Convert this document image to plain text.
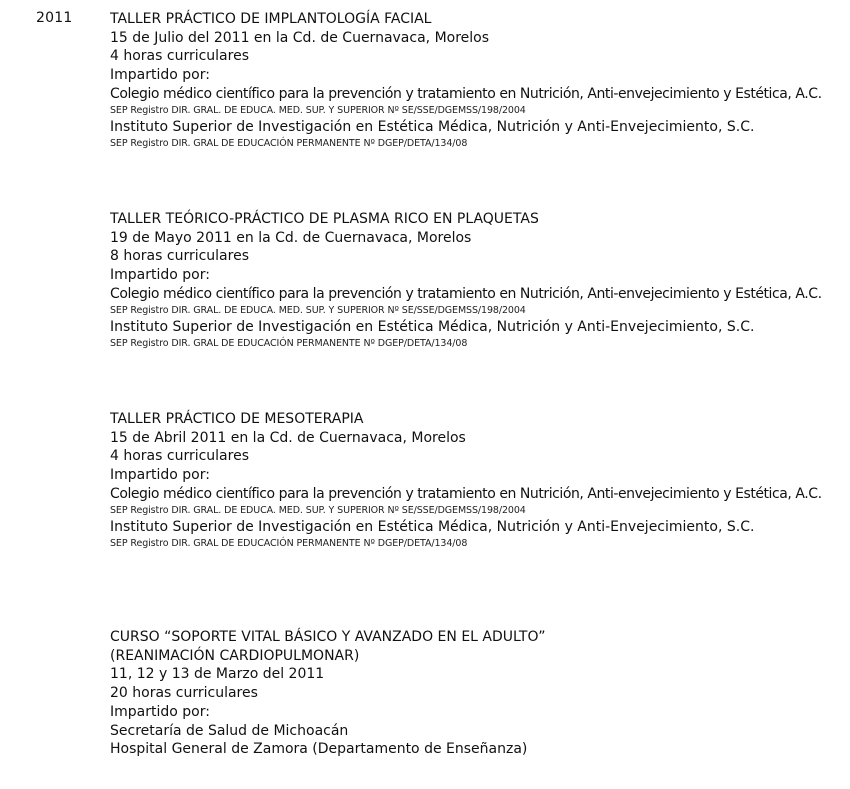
2011	TALLER PRÁCTICO DE IMPLANTOLOGÍA FACIAL
15 de Julio del 2011 en la Cd. de Cuernavaca, Morelos
4 horas curriculares
Impartido por:
Colegio médico científico para la prevención y tratamiento en Nutrición, Anti-envejecimiento y Estética, A.C.
SEP Registro DIR. GRAL. DE EDUCA. MED. SUP. Y SUPERIOR Nº SE/SSE/DGEMSS/198/2004
Instituto Superior de Investigación en Estética Médica, Nutrición y Anti-Envejecimiento, S.C.
SEP Registro DIR. GRAL DE EDUCACIÓN PERMANENTE Nº DGEP/DETA/134/08
TALLER TEÓRICO-PRÁCTICO DE PLASMA RICO EN PLAQUETAS
19 de Mayo 2011 en la Cd. de Cuernavaca, Morelos
8 horas curriculares
Impartido por:
Colegio médico científico para la prevención y tratamiento en Nutrición, Anti-envejecimiento y Estética, A.C.
SEP Registro DIR. GRAL. DE EDUCA. MED. SUP. Y SUPERIOR Nº SE/SSE/DGEMSS/198/2004
Instituto Superior de Investigación en Estética Médica, Nutrición y Anti-Envejecimiento, S.C.
SEP Registro DIR. GRAL DE EDUCACIÓN PERMANENTE Nº DGEP/DETA/134/08
TALLER PRÁCTICO DE MESOTERAPIA
15 de Abril 2011 en la Cd. de Cuernavaca, Morelos
4 horas curriculares
Impartido por:
Colegio médico científico para la prevención y tratamiento en Nutrición, Anti-envejecimiento y Estética, A.C.
SEP Registro DIR. GRAL. DE EDUCA. MED. SUP. Y SUPERIOR Nº SE/SSE/DGEMSS/198/2004
Instituto Superior de Investigación en Estética Médica, Nutrición y Anti-Envejecimiento, S.C.
SEP Registro DIR. GRAL DE EDUCACIÓN PERMANENTE Nº DGEP/DETA/134/08
CURSO “SOPORTE VITAL BÁSICO Y AVANZADO EN EL ADULTO”
(REANIMACIÓN CARDIOPULMONAR)
11, 12 y 13 de Marzo del 2011
20 horas curriculares
Impartido por:
Secretaría de Salud de Michoacán
Hospital General de Zamora (Departamento de Enseñanza)
